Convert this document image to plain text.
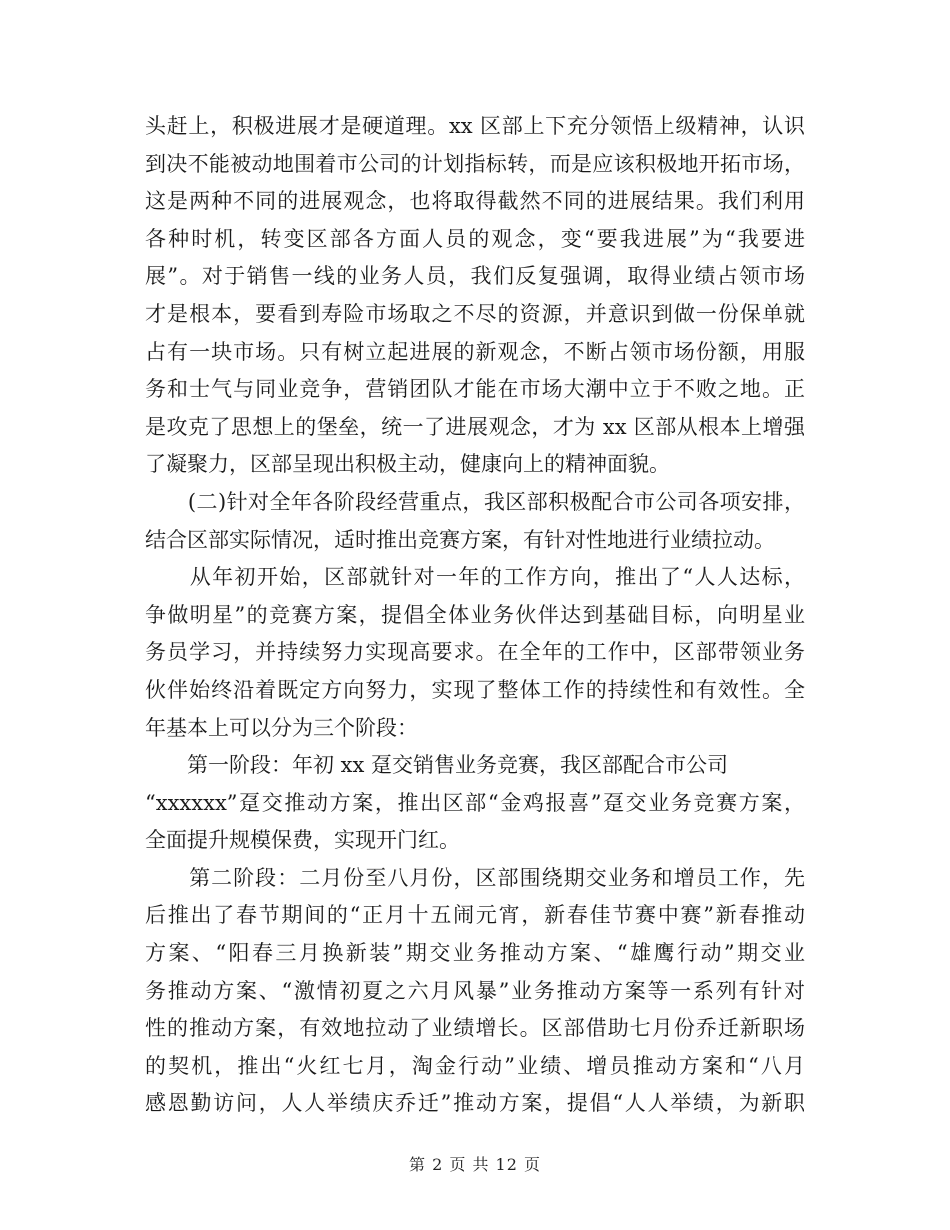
头赶上，积极进展才是硬道理。xx 区部上下充分领悟上级精神，认识
到决不能被动地围着市公司的计划指标转，而是应该积极地开拓市场，
这是两种不同的进展观念，也将取得截然不同的进展结果。我们利用
各种时机，转变区部各方面人员的观念，变“要我进展”为“我要进
展”。对于销售一线的业务人员，我们反复强调，取得业绩占领市场
才是根本，要看到寿险市场取之不尽的资源，并意识到做一份保单就
占有一块市场。只有树立起进展的新观念，不断占领市场份额，用服
务和士气与同业竞争，营销团队才能在市场大潮中立于不败之地。正
是攻克了思想上的堡垒，统一了进展观念，才为 xx 区部从根本上增强
了凝聚力，区部呈现出积极主动，健康向上的精神面貌。
　　(二)针对全年各阶段经营重点，我区部积极配合市公司各项安排，
结合区部实际情况，适时推出竞赛方案，有针对性地进行业绩拉动。
　　从年初开始，区部就针对一年的工作方向，推出了“人人达标，
争做明星”的竞赛方案，提倡全体业务伙伴达到基础目标，向明星业
务员学习，并持续努力实现高要求。在全年的工作中，区部带领业务
伙伴始终沿着既定方向努力，实现了整体工作的持续性和有效性。全
年基本上可以分为三个阶段：
　　第一阶段：年初 xx 趸交销售业务竞赛，我区部配合市公司
“xxxxxx”趸交推动方案，推出区部“金鸡报喜”趸交业务竞赛方案，
全面提升规模保费，实现开门红。
　　第二阶段：二月份至八月份，区部围绕期交业务和增员工作，先
后推出了春节期间的“正月十五闹元宵，新春佳节赛中赛”新春推动
方案、“阳春三月换新装”期交业务推动方案、“雄鹰行动”期交业
务推动方案、“激情初夏之六月风暴”业务推动方案等一系列有针对
性的推动方案，有效地拉动了业绩增长。区部借助七月份乔迁新职场
的契机，推出“火红七月，淘金行动”业绩、增员推动方案和“八月
感恩勤访问，人人举绩庆乔迁”推动方案，提倡“人人举绩，为新职
第 2 页 共 12 页
